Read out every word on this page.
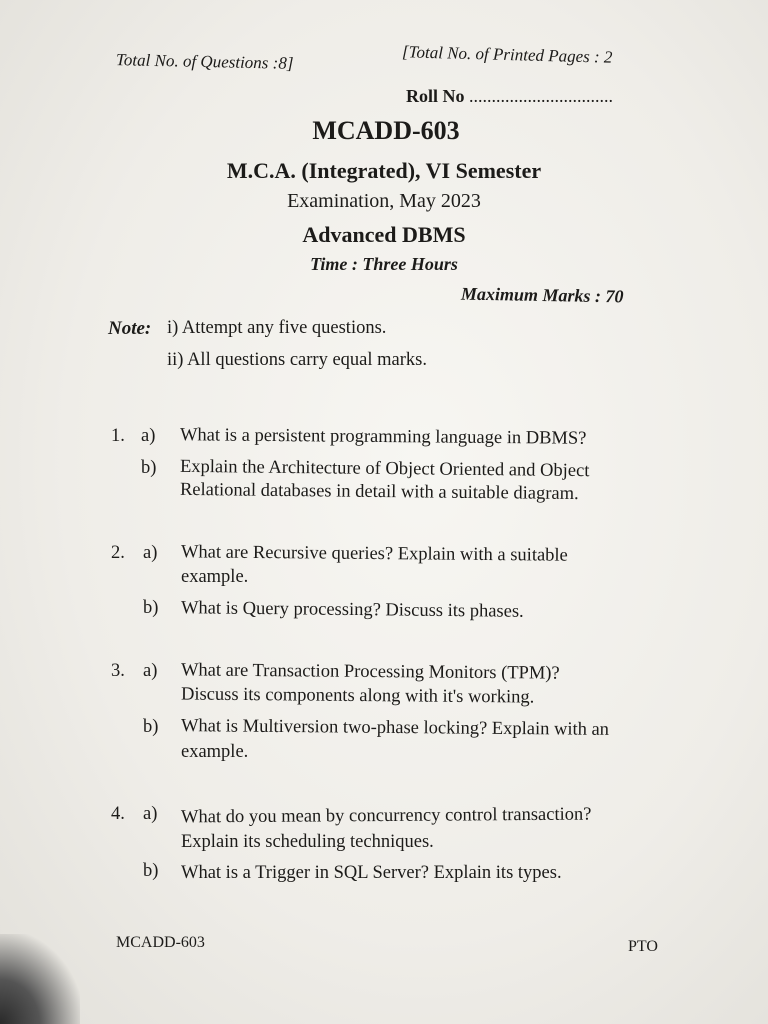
Total No. of Questions :8]	[Total No. of Printed Pages : 2
Roll No ................................
MCADD-603
M.C.A. (Integrated), VI Semester
Examination, May 2023
Advanced DBMS
Time : Three Hours
Maximum Marks : 70
Note: i) Attempt any five questions.
ii) All questions carry equal marks.
1. a) What is a persistent programming language in DBMS?
b) Explain the Architecture of Object Oriented and Object
Relational databases in detail with a suitable diagram.
2. a) What are Recursive queries? Explain with a suitable
example.
b) What is Query processing? Discuss its phases.
3. a) What are Transaction Processing Monitors (TPM)?
Discuss its components along with it's working.
b) What is Multiversion two-phase locking? Explain with an
example.
4. a) What do you mean by concurrency control transaction?
Explain its scheduling techniques.
b) What is a Trigger in SQL Server? Explain its types.
MCADD-603	PTO
